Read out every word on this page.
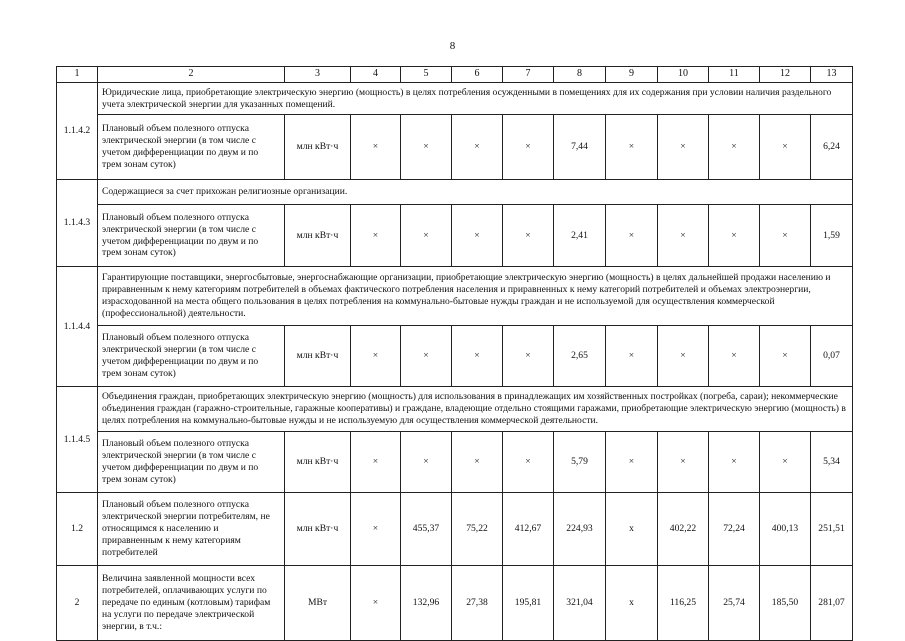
8
1	2	3	4	5	6	7	8	9	10	11	12	13
1.1.4.2	Юридические лица, приобретающие электрическую энергию (мощность) в целях потребления осужденными в помещениях для их содержания при условии наличия раздельного учета электрической энергии для указанных помещений.											
	Плановый объем полезного отпуска электрической энергии (в том числе с учетом дифференциации по двум и по трем зонам суток)	млн кВт·ч	×	×	×	×	7,44	×	×	×	×	6,24
1.1.4.3	Содержащиеся за счет прихожан религиозные организации.											
	Плановый объем полезного отпуска электрической энергии (в том числе с учетом дифференциации по двум и по трем зонам суток)	млн кВт·ч	×	×	×	×	2,41	×	×	×	×	1,59
1.1.4.4	Гарантирующие поставщики, энергосбытовые, энергоснабжающие организации, приобретающие электрическую энергию (мощность) в целях дальнейшей продажи населению и приравненным к нему категориям потребителей в объемах фактического потребления населения и приравненных к нему категорий потребителей и объемах электроэнергии, израсходованной на места общего пользования в целях потребления на коммунально-бытовые нужды граждан и не используемой для осуществления коммерческой (профессиональной) деятельности.											
	Плановый объем полезного отпуска электрической энергии (в том числе с учетом дифференциации по двум и по трем зонам суток)	млн кВт·ч	×	×	×	×	2,65	×	×	×	×	0,07
1.1.4.5	Объединения граждан, приобретающих электрическую энергию (мощность) для использования в принадлежащих им хозяйственных постройках (погреба, сараи); некоммерческие объединения граждан (гаражно-строительные, гаражные кооперативы) и граждане, владеющие отдельно стоящими гаражами, приобретающие электрическую энергию (мощность) в целях потребления на коммунально-бытовые нужды и не используемую для осуществления коммерческой деятельности.											
	Плановый объем полезного отпуска электрической энергии (в том числе с учетом дифференциации по двум и по трем зонам суток)	млн кВт·ч	×	×	×	×	5,79	×	×	×	×	5,34
1.2	Плановый объем полезного отпуска электрической энергии потребителям, не относящимся к населению и приравненным к нему категориям потребителей	млн кВт·ч	×	455,37	75,22	412,67	224,93	x	402,22	72,24	400,13	251,51
2	Величина заявленной мощности всех потребителей, оплачивающих услуги по передаче по единым (котловым) тарифам на услуги по передаче электрической энергии, в т.ч.:	МВт	×	132,96	27,38	195,81	321,04	x	116,25	25,74	185,50	281,07
